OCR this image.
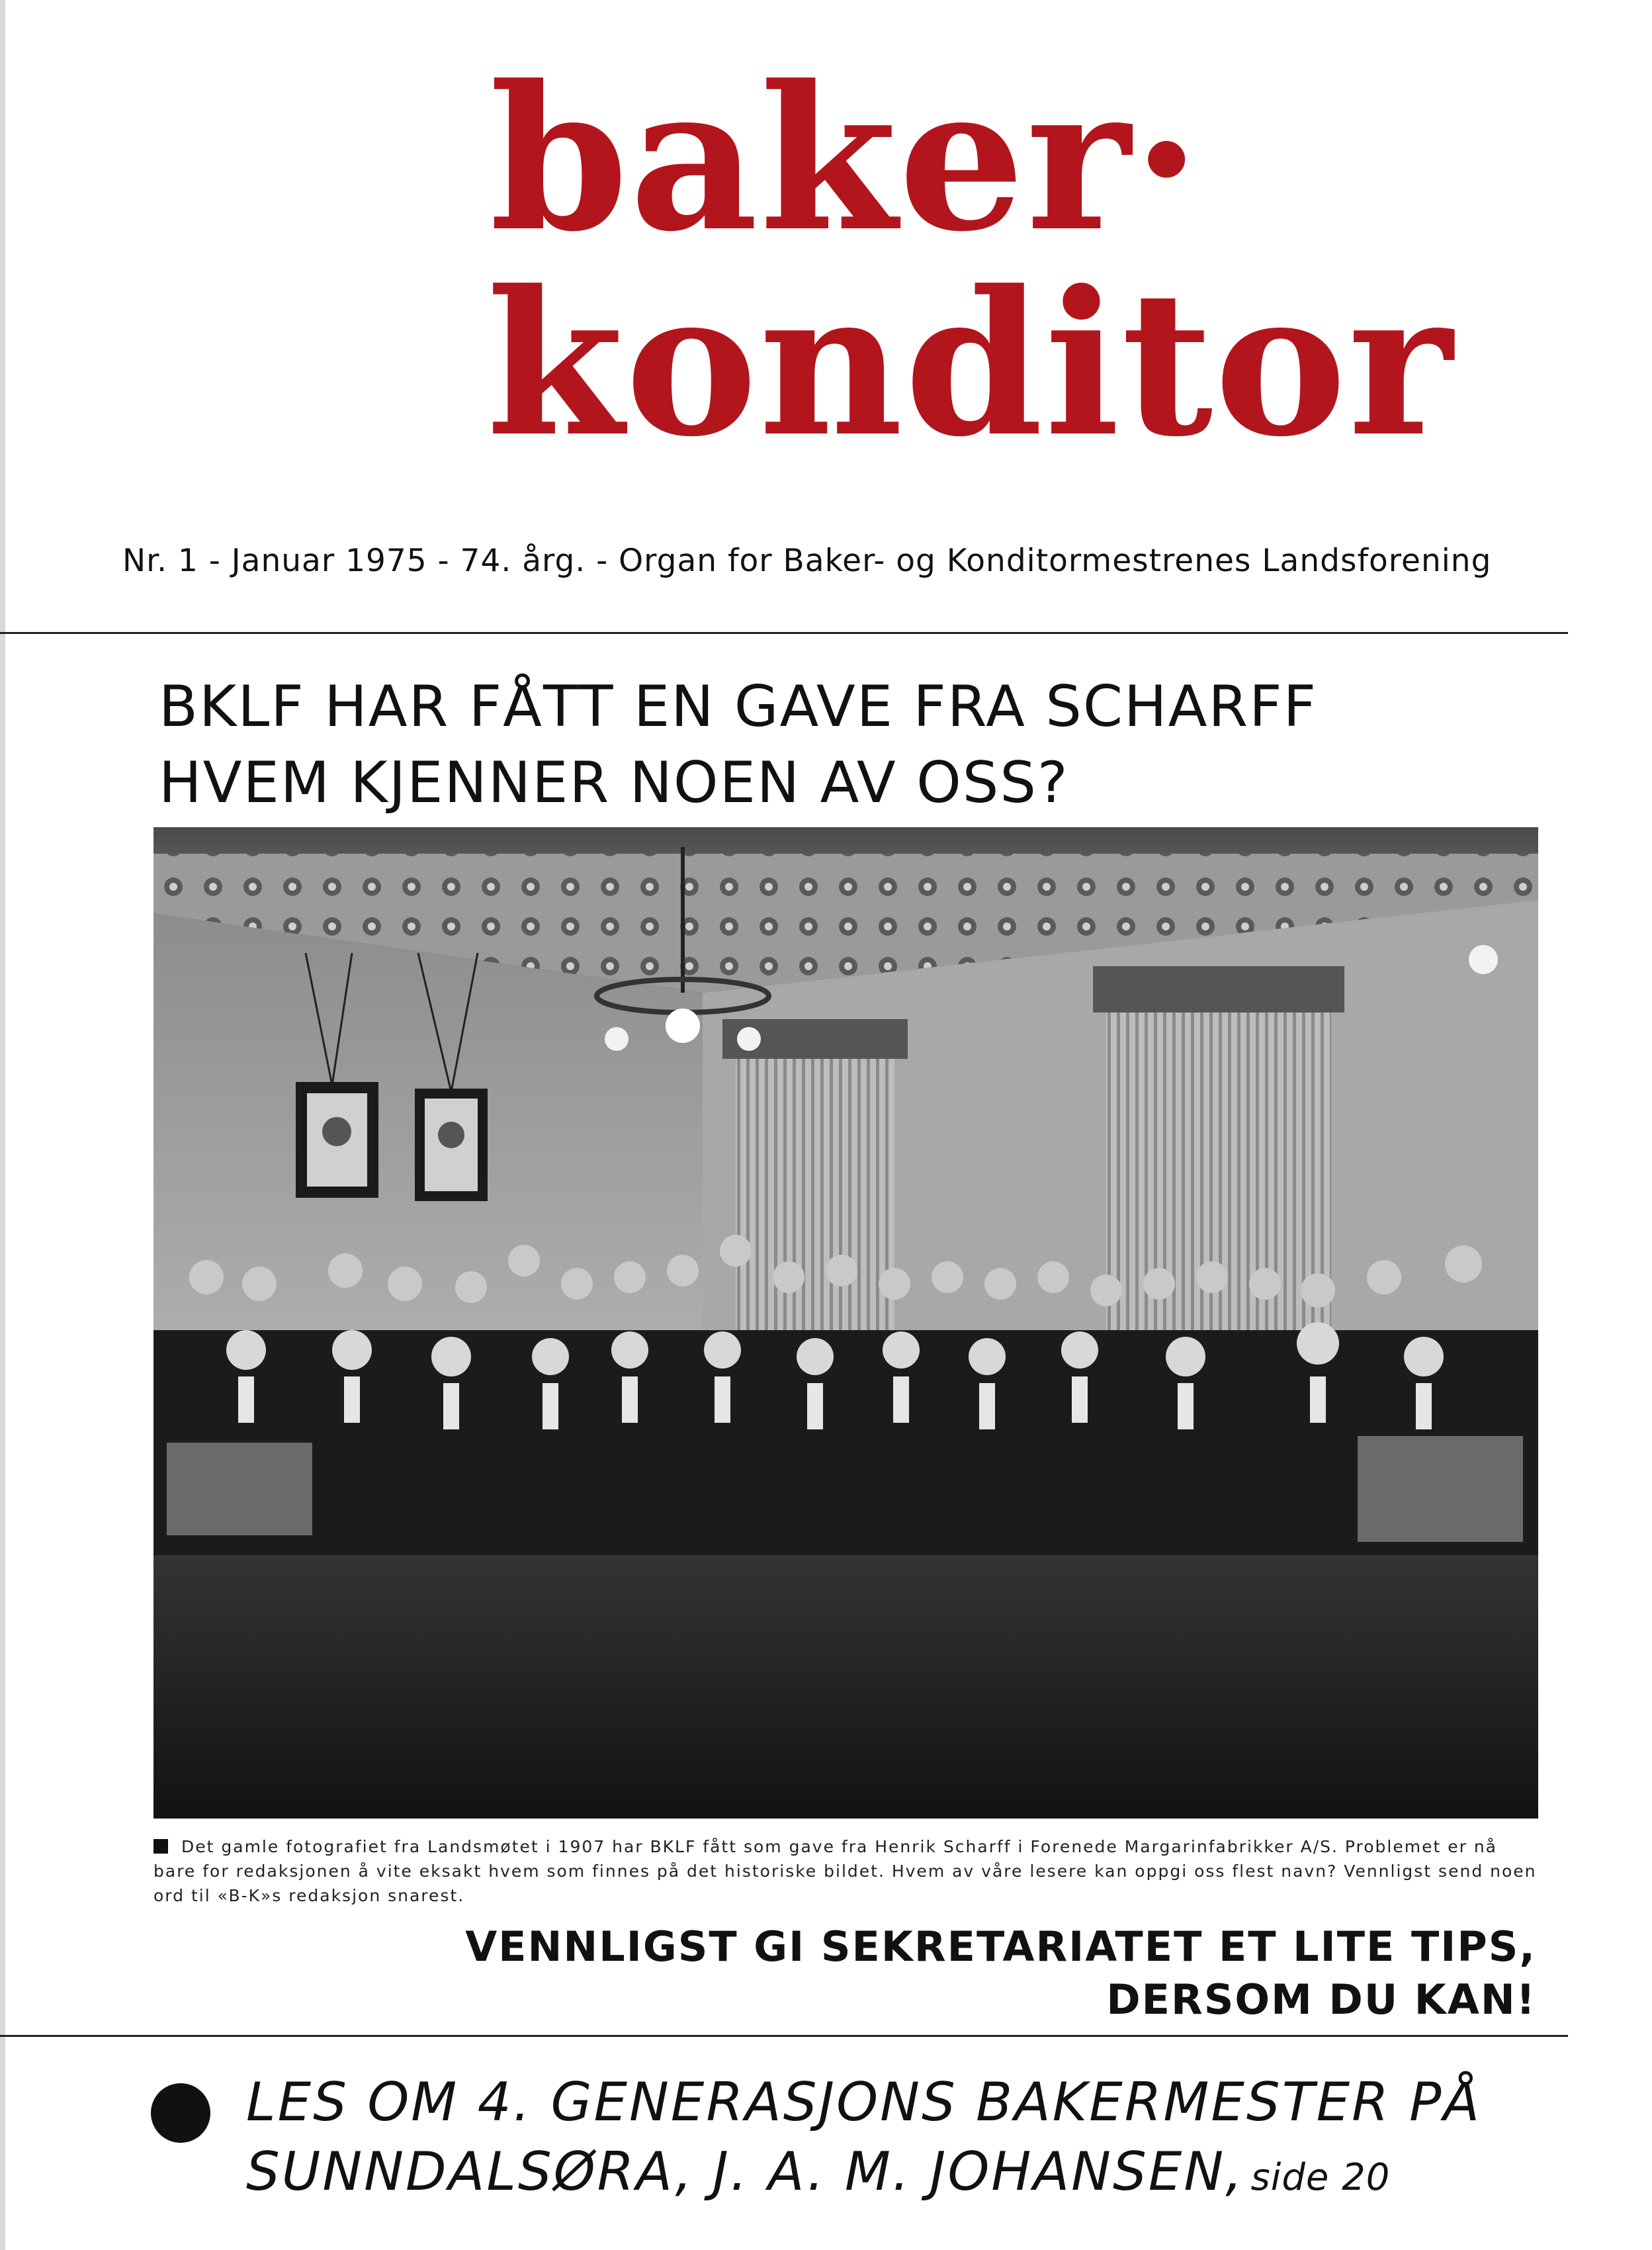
baker·
konditor
Nr. 1 - Januar 1975 - 74. årg. - Organ for Baker- og Konditormestrenes Landsforening
BKLF HAR FÅTT EN GAVE FRA SCHARFF
HVEM KJENNER NOEN AV OSS?
Det gamle fotografiet fra Landsmøtet i 1907 har BKLF fått som gave fra Henrik Scharff i Forenede Margarinfabrikker A/S. Problemet er nå bare for redaksjonen å vite eksakt hvem som finnes på det historiske bildet. Hvem av våre lesere kan oppgi oss flest navn? Vennligst send noen ord til «B-K»s redaksjon snarest.
VENNLIGST GI SEKRETARIATET ET LITE TIPS,
DERSOM DU KAN!
LES OM 4. GENERASJONS BAKERMESTER PÅ
SUNNDALSØRA, J. A. M. JOHANSEN, side 20
